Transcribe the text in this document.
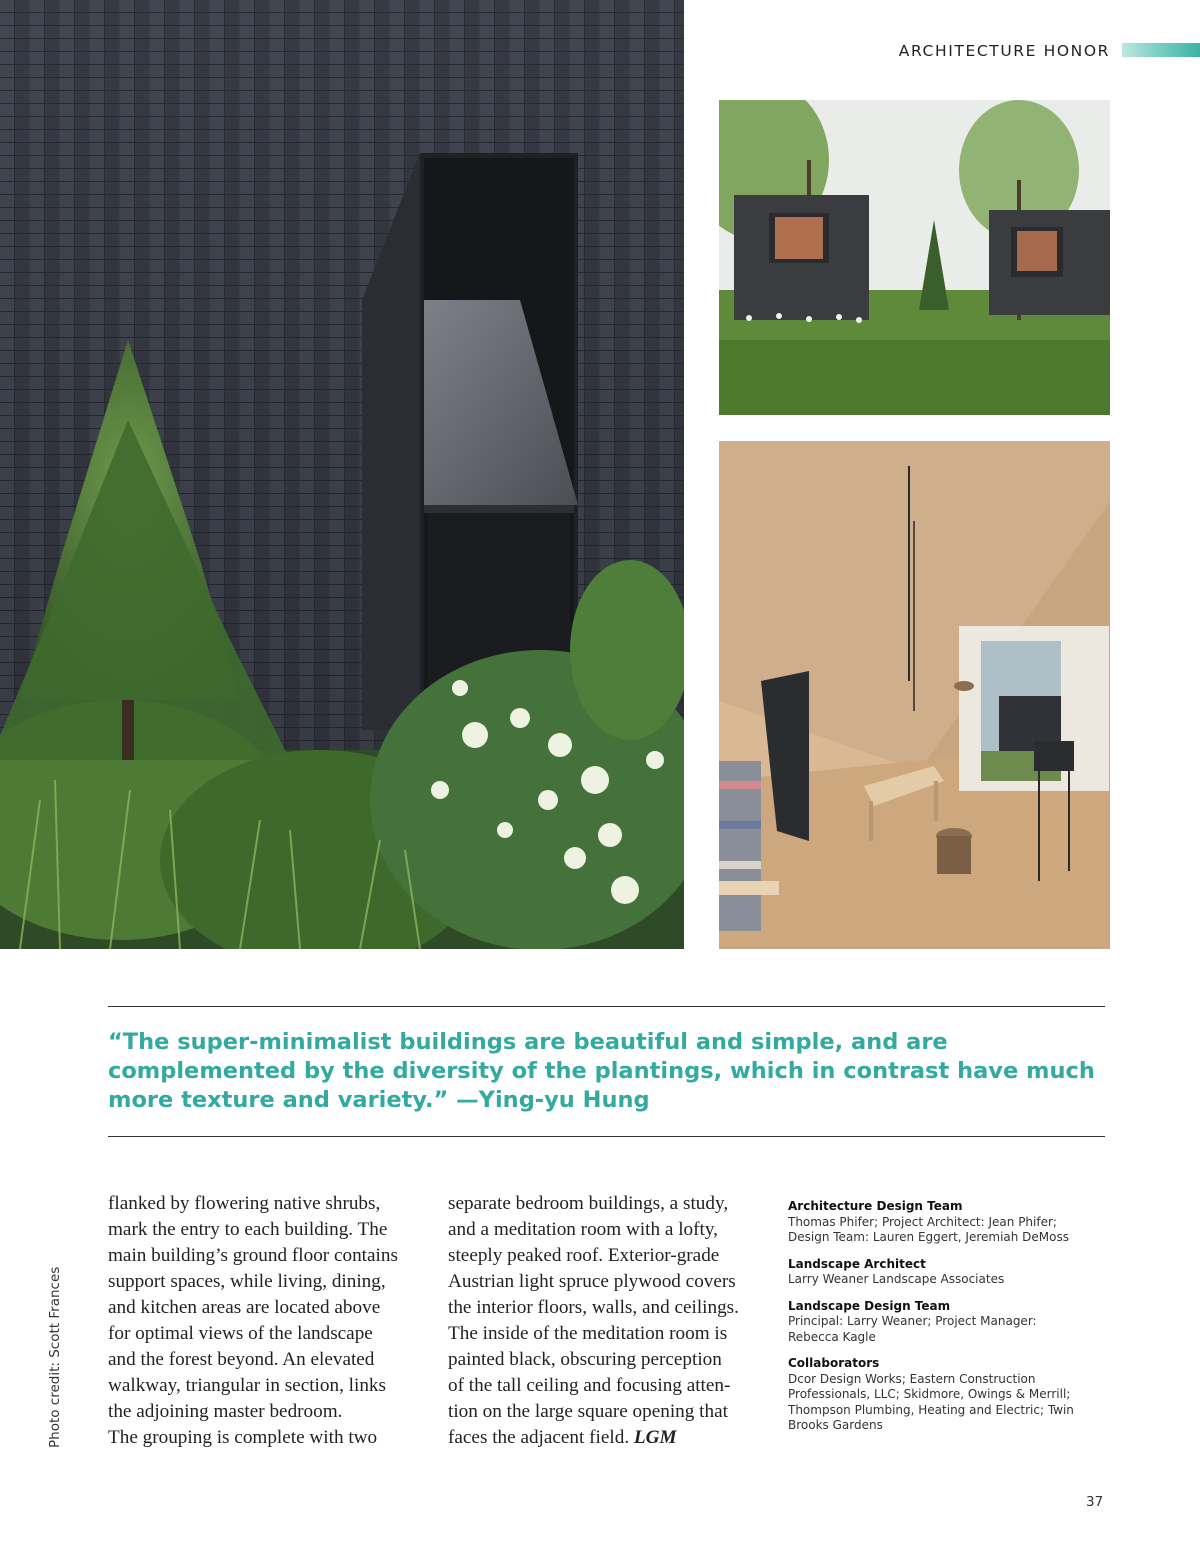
ARCHITECTURE HONOR
“The super-minimalist buildings are beautiful and simple, and are complemented by the diversity of the plantings, which in contrast have much more texture and variety.” —Ying-yu Hung
Photo credit: Scott Frances
flanked by flowering native shrubs,
mark the entry to each building. The
main building’s ground floor contains
support spaces, while living, dining,
and kitchen areas are located above
for optimal views of the landscape
and the forest beyond. An elevated
walkway, triangular in section, links
the adjoining master bedroom.
The grouping is complete with two
separate bedroom buildings, a study,
and a meditation room with a lofty,
steeply peaked roof. Exterior-grade
Austrian light spruce plywood covers
the interior floors, walls, and ceilings.
The inside of the meditation room is
painted black, obscuring perception
of the tall ceiling and focusing atten-
tion on the large square opening that
faces the adjacent field. LGM
Architecture Design Team
Thomas Phifer; Project Architect: Jean Phifer;
Design Team: Lauren Eggert, Jeremiah DeMoss
Landscape Architect
Larry Weaner Landscape Associates
Landscape Design Team
Principal: Larry Weaner; Project Manager:
Rebecca Kagle
Collaborators
Dcor Design Works; Eastern Construction
Professionals, LLC; Skidmore, Owings & Merrill;
Thompson Plumbing, Heating and Electric; Twin
Brooks Gardens
37
